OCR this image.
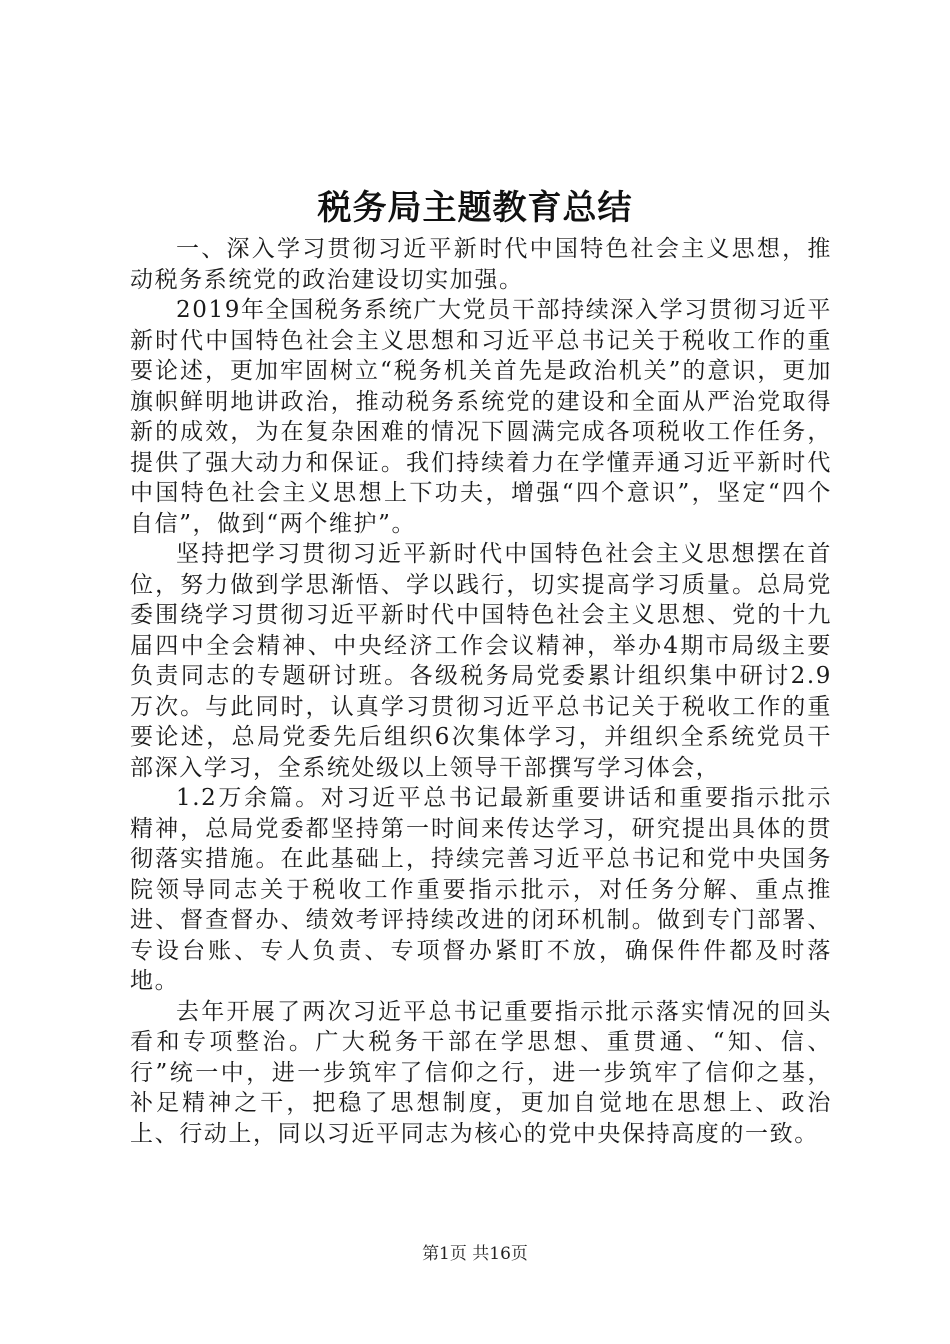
税务局主题教育总结

一、深入学习贯彻习近平新时代中国特色社会主义思想，推动税务系统党的政治建设切实加强。

2019年全国税务系统广大党员干部持续深入学习贯彻习近平新时代中国特色社会主义思想和习近平总书记关于税收工作的重要论述，更加牢固树立“税务机关首先是政治机关”的意识，更加旗帜鲜明地讲政治，推动税务系统党的建设和全面从严治党取得新的成效，为在复杂困难的情况下圆满完成各项税收工作任务，提供了强大动力和保证。我们持续着力在学懂弄通习近平新时代中国特色社会主义思想上下功夫，增强“四个意识”，坚定“四个自信”，做到“两个维护”。

坚持把学习贯彻习近平新时代中国特色社会主义思想摆在首位，努力做到学思渐悟、学以践行，切实提高学习质量。总局党委围绕学习贯彻习近平新时代中国特色社会主义思想、党的十九届四中全会精神、中央经济工作会议精神，举办4期市局级主要负责同志的专题研讨班。各级税务局党委累计组织集中研讨2.9万次。与此同时，认真学习贯彻习近平总书记关于税收工作的重要论述，总局党委先后组织6次集体学习，并组织全系统党员干部深入学习，全系统处级以上领导干部撰写学习体会，

1.2万余篇。对习近平总书记最新重要讲话和重要指示批示精神，总局党委都坚持第一时间来传达学习，研究提出具体的贯彻落实措施。在此基础上，持续完善习近平总书记和党中央国务院领导同志关于税收工作重要指示批示，对任务分解、重点推进、督查督办、绩效考评持续改进的闭环机制。做到专门部署、专设台账、专人负责、专项督办紧盯不放，确保件件都及时落地。

去年开展了两次习近平总书记重要指示批示落实情况的回头看和专项整治。广大税务干部在学思想、重贯通、“知、信、行”统一中，进一步筑牢了信仰之行，进一步筑牢了信仰之基，补足精神之干，把稳了思想制度，更加自觉地在思想上、政治上、行动上，同以习近平同志为核心的党中央保持高度的一致。

第1页 共16页
